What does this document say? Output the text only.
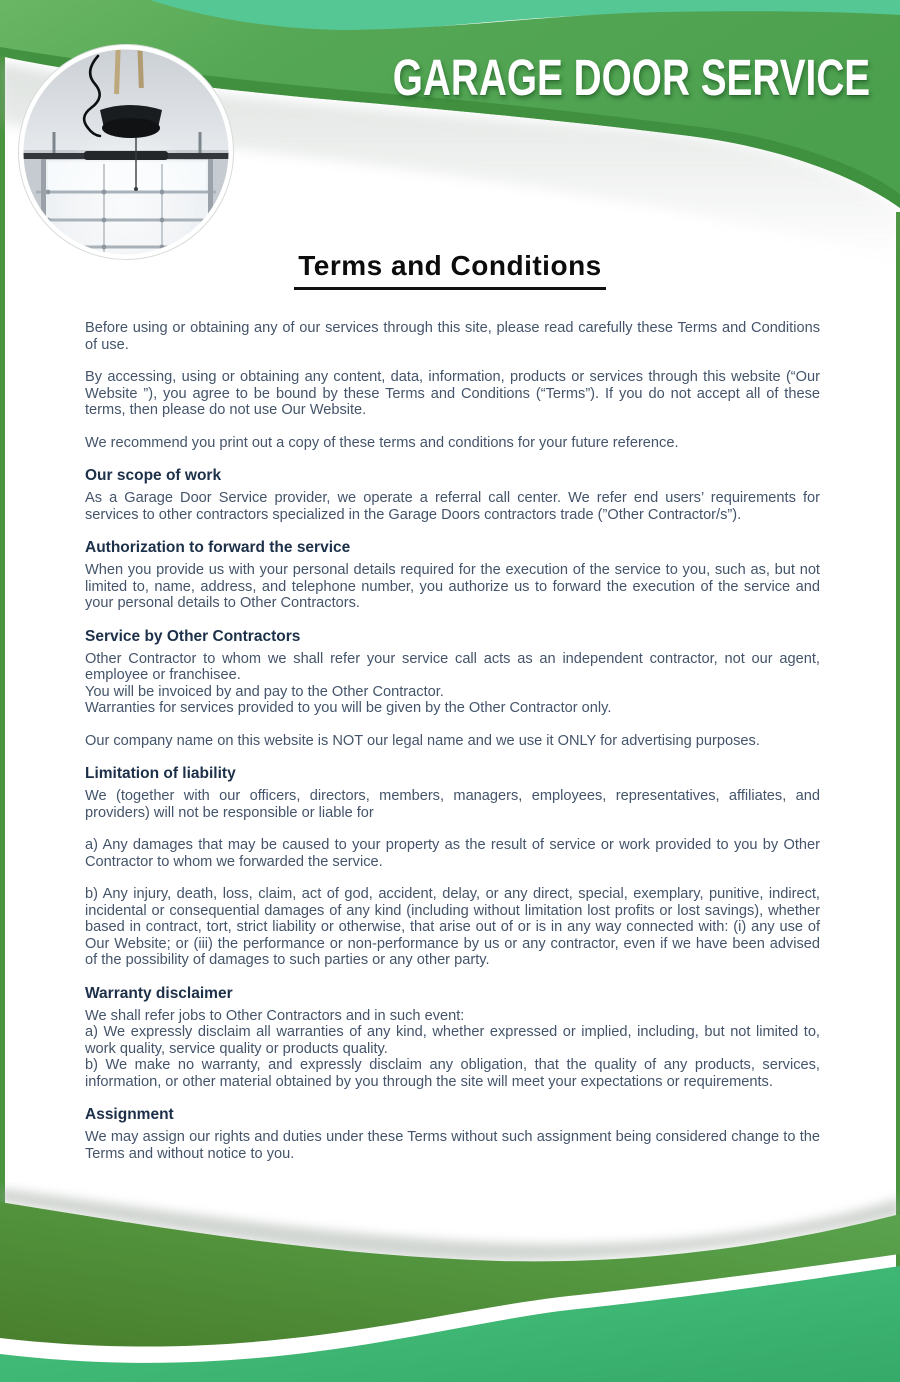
GARAGE DOOR SERVICE
Terms and Conditions

Before using or obtaining any of our services through this site, please read carefully these Terms and Conditions of use.

By accessing, using or obtaining any content, data, information, products or services through this website (“Our Website ”), you agree to be bound by these Terms and Conditions (“Terms”). If you do not accept all of these terms, then please do not use Our Website.

We recommend you print out a copy of these terms and conditions for your future reference.

Our scope of work

As a Garage Door Service provider, we operate a referral call center. We refer end users’ requirements for services to other contractors specialized in the Garage Doors contractors trade (”Other Contractor/s”).

Authorization to forward the service

When you provide us with your personal details required for the execution of the service to you, such as, but not limited to, name, address, and telephone number, you authorize us to forward the execution of the service and your personal details to Other Contractors.

Service by Other Contractors

Other Contractor to whom we shall refer your service call acts as an independent contractor, not our agent, employee or franchisee.

You will be invoiced by and pay to the Other Contractor.

Warranties for services provided to you will be given by the Other Contractor only.

Our company name on this website is NOT our legal name and we use it ONLY for advertising purposes.

Limitation of liability

We (together with our officers, directors, members, managers, employees, representatives, affiliates, and providers) will not be responsible or liable for

a) Any damages that may be caused to your property as the result of service or work provided to you by Other Contractor to whom we forwarded the service.

b) Any injury, death, loss, claim, act of god, accident, delay, or any direct, special, exemplary, punitive, indirect, incidental or consequential damages of any kind (including without limitation lost profits or lost savings), whether based in contract, tort, strict liability or otherwise, that arise out of or is in any way connected with: (i) any use of Our Website; or (iii) the performance or non-performance by us or any contractor, even if we have been advised of the possibility of damages to such parties or any other party.

Warranty disclaimer

We shall refer jobs to Other Contractors and in such event:

a) We expressly disclaim all warranties of any kind, whether expressed or implied, including, but not limited to, work quality, service quality or products quality.

b) We make no warranty, and expressly disclaim any obligation, that the quality of any products, services, information, or other material obtained by you through the site will meet your expectations or requirements.

Assignment

We may assign our rights and duties under these Terms without such assignment being considered change to the Terms and without notice to you.
